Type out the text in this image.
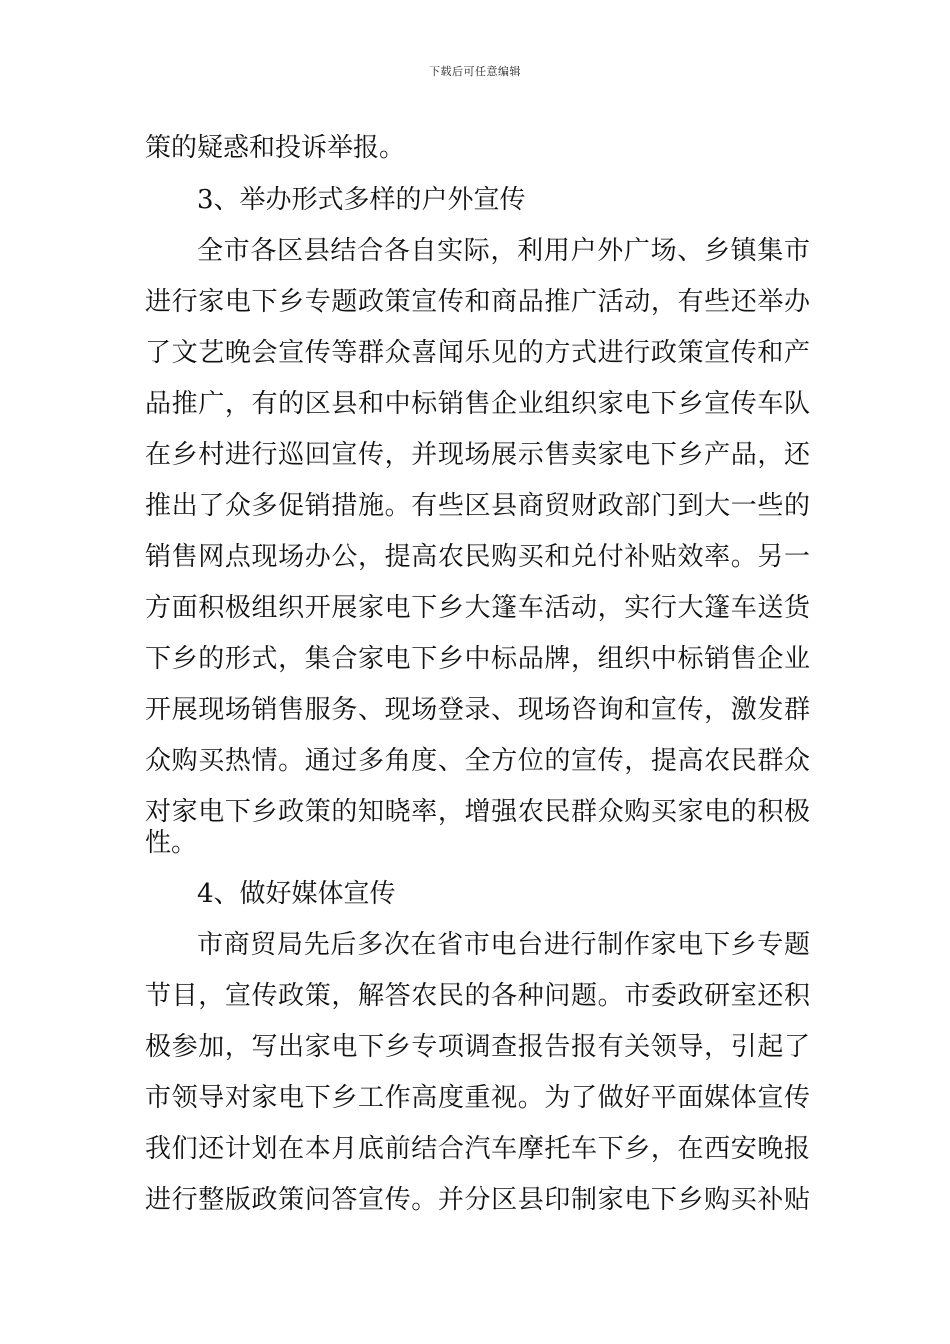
下载后可任意编辑
策的疑惑和投诉举报。
3、举办形式多样的户外宣传
全市各区县结合各自实际，利用户外广场、乡镇集市
进行家电下乡专题政策宣传和商品推广活动，有些还举办
了文艺晚会宣传等群众喜闻乐见的方式进行政策宣传和产
品推广，有的区县和中标销售企业组织家电下乡宣传车队
在乡村进行巡回宣传，并现场展示售卖家电下乡产品，还
推出了众多促销措施。有些区县商贸财政部门到大一些的
销售网点现场办公，提高农民购买和兑付补贴效率。另一
方面积极组织开展家电下乡大篷车活动，实行大篷车送货
下乡的形式，集合家电下乡中标品牌，组织中标销售企业
开展现场销售服务、现场登录、现场咨询和宣传，激发群
众购买热情。通过多角度、全方位的宣传，提高农民群众
对家电下乡政策的知晓率，增强农民群众购买家电的积极
性。
4、做好媒体宣传
市商贸局先后多次在省市电台进行制作家电下乡专题
节目，宣传政策，解答农民的各种问题。市委政研室还积
极参加，写出家电下乡专项调查报告报有关领导，引起了
市领导对家电下乡工作高度重视。为了做好平面媒体宣传
我们还计划在本月底前结合汽车摩托车下乡，在西安晚报
进行整版政策问答宣传。并分区县印制家电下乡购买补贴
